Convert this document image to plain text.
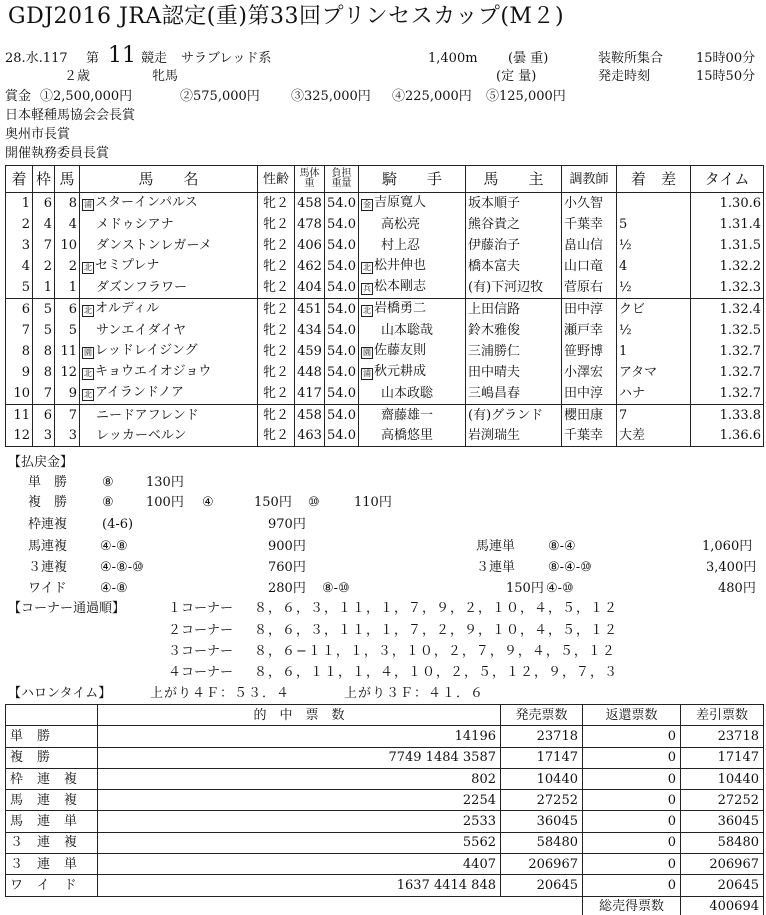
GDJ2016 JRA認定(重)第33回プリンセスカップ(M２)
28.水.117 第 11 競走 サラブレッド系
２歳	牝馬
1,400m (曇 重)
(定 量)
装鞍所集合	15時00分
発走時刻	15時50分
賞金 ①2,500,000円	②575,000円 ③325,000円 ④225,000円 ⑤125,000円
日本軽種馬協会会長賞
奥州市長賞
開催執務委員長賞
着	枠	馬	馬　　名	性齢	馬体重	負担重量	騎　　手	馬　　主	調教師	着　差	タイム
1	6	8	浦 スターインパルス	牝２	458	54.0	金 吉原寛人	坂本順子	小久智		1.30.6
2	4	4	メドゥシアナ	牝２	478	54.0	高松亮	熊谷貴之	千葉幸	5	1.31.4
3	7	10	ダンストンレガーメ	牝２	406	54.0	村上忍	伊藤治子	畠山信	½	1.31.5
4	2	2	北 セミプレナ	牝２	462	54.0	北 松井伸也	橋本富夫	山口竜	4	1.32.2
5	1	1	ダズンフラワー	牝２	404	54.0	兵 松本剛志	(有)下河辺牧	菅原右	½	1.32.3
6	5	6	北 オルディル	牝２	451	54.0	北 岩橋勇二	上田信路	田中淳	クビ	1.32.4
7	5	5	サンエイダイヤ	牝２	434	54.0	山本聡哉	鈴木雅俊	瀬戸幸	½	1.32.5
8	8	11	園 レッドレイジング	牝２	459	54.0	園 佐藤友則	三浦勝仁	笹野博	1	1.32.7
9	8	12	北 キョウエイオジョウ	牝２	448	54.0	浦 秋元耕成	田中晴夫	小澤宏	アタマ	1.32.7
10	7	9	北 アイランドノア	牝２	417	54.0	山本政聡	三嶋昌春	田中淳	ハナ	1.32.7
11	6	7	ニードアフレンド	牝２	458	54.0	齋藤雄一	(有)グランド	櫻田康	7	1.33.8
12	3	3	レッカーベルン	牝２	463	54.0	高橋悠里	岩渕瑞生	千葉幸	大差	1.36.6
【払戻金】
単　勝	⑧ 130円
複　勝	⑧ 100円 ④	150円 ⑩	110円
枠連複	(4-6)	970円
馬連複	④-⑧	900円	馬連単	⑧-④	1,060円
３連複	④-⑧-⑩	760円	３連単	⑧-④-⑩	3,400円
ワイド	④-⑧	280円 ⑧-⑩	150円 ④-⑩	480円
【コーナー通過順】	１コーナー ８，６，３，１１，１，７，９，２，１０，４，５，１２
２コーナー ８，６，３，１１，１，７，２，９，１０，４，５，１２
３コーナー ８，６−１１，１，３，１０，２，７，９，４，５，１２
４コーナー ８，６，１１，１，４，１０，２，５，１２，９，７，３
【ハロンタイム】	上がり４Ｆ：５３．４	上がり３Ｆ：４１．６
	的　中　票　数	発売票数	返還票数	差引票数
単勝	14196	23718	0	23718
複勝	7749 1484 3587	17147	0	17147
枠連複	802	10440	0	10440
馬連複	2254	27252	0	27252
馬連単	2533	36045	0	36045
３連複	5562	58480	0	58480
３連単	4407	206967	0	206967
ワイド	1637 4414 848	20645	0	20645
			総売得票数	400694
